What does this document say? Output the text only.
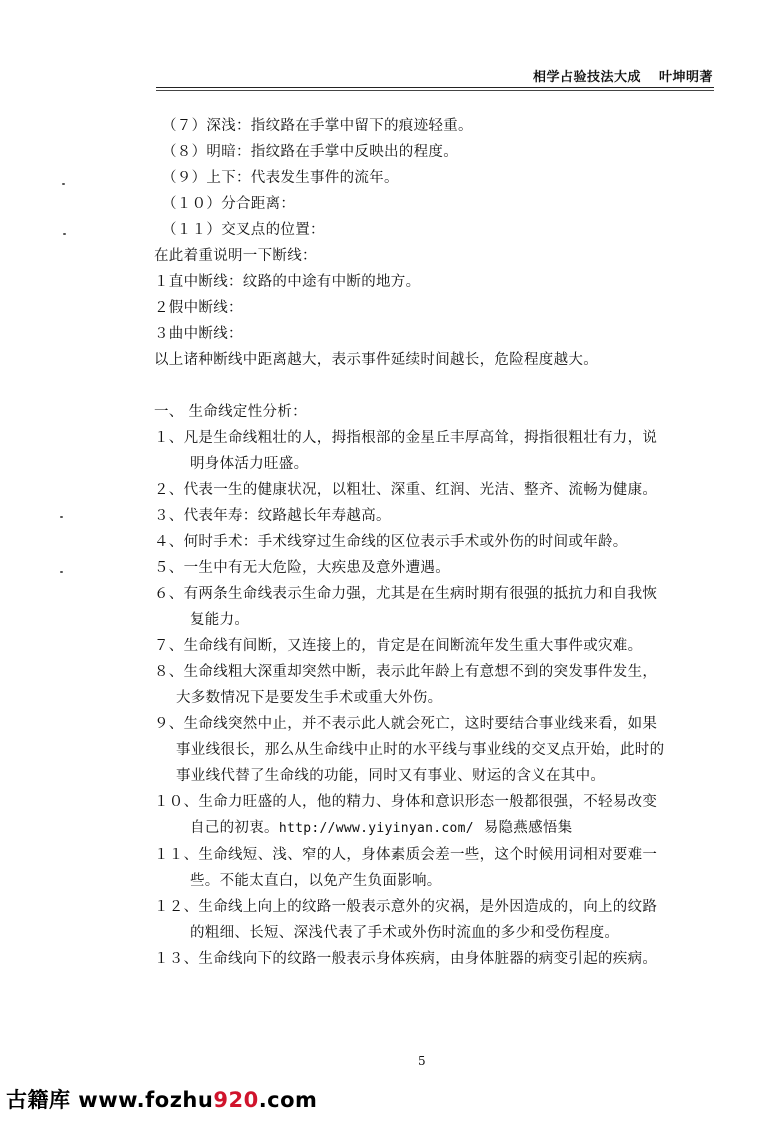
相学占验技法大成 叶坤明著
（７）深浅：指纹路在手掌中留下的痕迹轻重。
（８）明暗：指纹路在手掌中反映出的程度。
（９）上下：代表发生事件的流年。
（１０）分合距离：
（１１）交叉点的位置：
在此着重说明一下断线：
１直中断线：纹路的中途有中断的地方。
２假中断线：
３曲中断线：
以上诸种断线中距离越大，表示事件延续时间越长，危险程度越大。
一、 生命线定性分析：
１、凡是生命线粗壮的人，拇指根部的金星丘丰厚高耸，拇指很粗壮有力，说
明身体活力旺盛。
２、代表一生的健康状况，以粗壮、深重、红润、光洁、整齐、流畅为健康。
３、代表年寿：纹路越长年寿越高。
４、何时手术：手术线穿过生命线的区位表示手术或外伤的时间或年龄。
５、一生中有无大危险，大疾患及意外遭遇。
６、有两条生命线表示生命力强，尤其是在生病时期有很强的抵抗力和自我恢
复能力。
７、生命线有间断，又连接上的，肯定是在间断流年发生重大事件或灾难。
８、生命线粗大深重却突然中断，表示此年龄上有意想不到的突发事件发生，
大多数情况下是要发生手术或重大外伤。
９、生命线突然中止，并不表示此人就会死亡，这时要结合事业线来看，如果
事业线很长，那么从生命线中止时的水平线与事业线的交叉点开始，此时的
事业线代替了生命线的功能，同时又有事业、财运的含义在其中。
１０、生命力旺盛的人，他的精力、身体和意识形态一般都很强，不轻易改变
自己的初衷。http://www.yiyinyan.com/ 易隐燕感悟集
１１、生命线短、浅、窄的人，身体素质会差一些，这个时候用词相对要难一
些。不能太直白，以免产生负面影响。
１２、生命线上向上的纹路一般表示意外的灾祸，是外因造成的，向上的纹路
的粗细、长短、深浅代表了手术或外伤时流血的多少和受伤程度。
１３、生命线向下的纹路一般表示身体疾病，由身体脏器的病变引起的疾病。
5
古籍库 www.fozhu920.com
